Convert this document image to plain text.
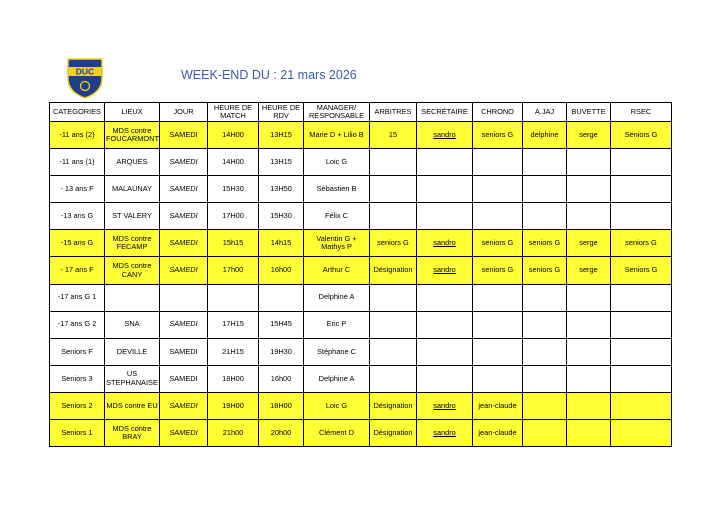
DUC	WEEK-END DU : 21 mars 2026
CATEGORIES	LIEUX	JOUR	HEURE DE MATCH	HEURE DE RDV	MANAGER/ RESPONSABLE	ARBITRES	SECRÉTAIRE	CHRONO	A.JAJ	BUVETTE	RSEC
-11 ans (2)	MDS contre FOUCARMONT	SAMEDI	14H00	13H15	Marie D + Lilio B	15	sandro	seniors G	delphine	serge	Seniors G
-11 ans (1)	ARQUES	SAMEDI	14H00	13H15	Loic G						
- 13 ans F	MALAUNAY	SAMEDI	15H30	13H50	Sébastien B						
-13 ans G	ST VALERY	SAMEDI	17H00	15H30	Félix C						
-15 ans G	MDS contre FECAMP	SAMEDI	15h15	14h15	Valentin G + Mathys P	seniors G	sandro	seniors G	seniors G	serge	seniors G
- 17 ans F	MDS contre CANY	SAMEDI	17h00	16h00	Arthur C	Désignation	sandro	seniors G	seniors G	serge	Seniors G
-17 ans G 1					Delphine A						
-17 ans G 2	SNA	SAMEDI	17H15	15H45	Eric P						
Seniors F	DEVILLE	SAMEDI	21H15	19H30	Stéphane C						
Seniors 3	US STEPHANAISE	SAMEDI	18H00	16h00	Delphine A						
Seniors 2	MDS contre EU	SAMEDI	19H00	18H00	Loic G	Désignation	sandro	jean-claude			
Seniors 1	MDS contre BRAY	SAMEDI	21h00	20h00	Clément D	Désignation	sandro	jean-claude			
